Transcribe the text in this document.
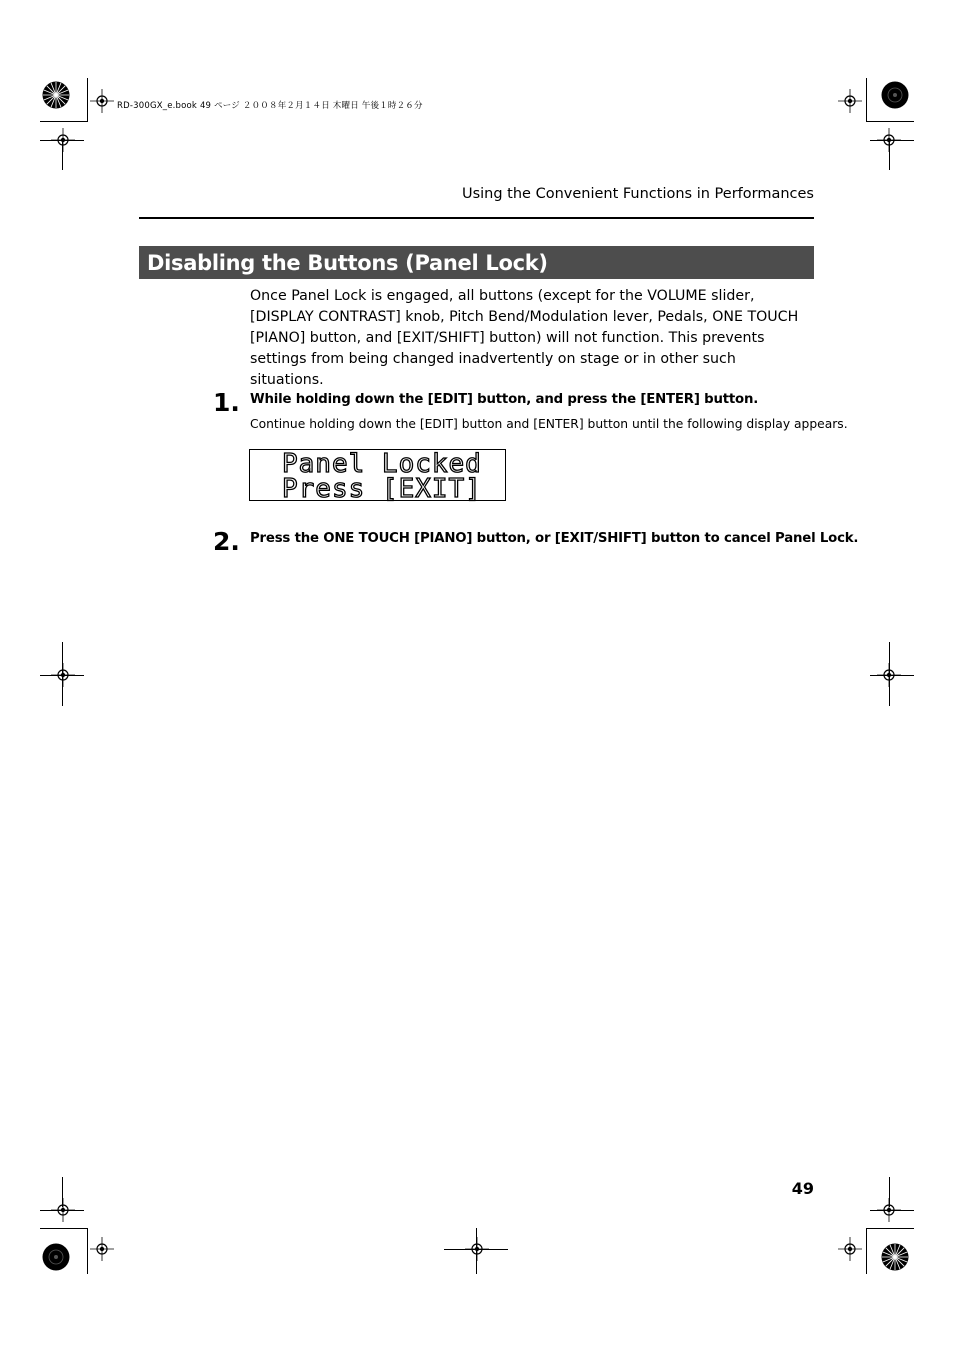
RD-300GX_e.book 49 ページ ２００８年２月１４日 木曜日 午後１時２６分
Using the Convenient Functions in Performances
Disabling the Buttons (Panel Lock)
Once Panel Lock is engaged, all buttons (except for the VOLUME slider, [DISPLAY CONTRAST] knob, Pitch Bend/Modulation lever, Pedals, ONE TOUCH [PIANO] button, and [EXIT/SHIFT] button) will not function. This prevents settings from being changed inadvertently on stage or in other such situations.
1. While holding down the [EDIT] button, and press the [ENTER] button.
Continue holding down the [EDIT] button and [ENTER] button until the following display appears.
Panel Locked
Press [EXIT]
2. Press the ONE TOUCH [PIANO] button, or [EXIT/SHIFT] button to cancel Panel Lock.
49
